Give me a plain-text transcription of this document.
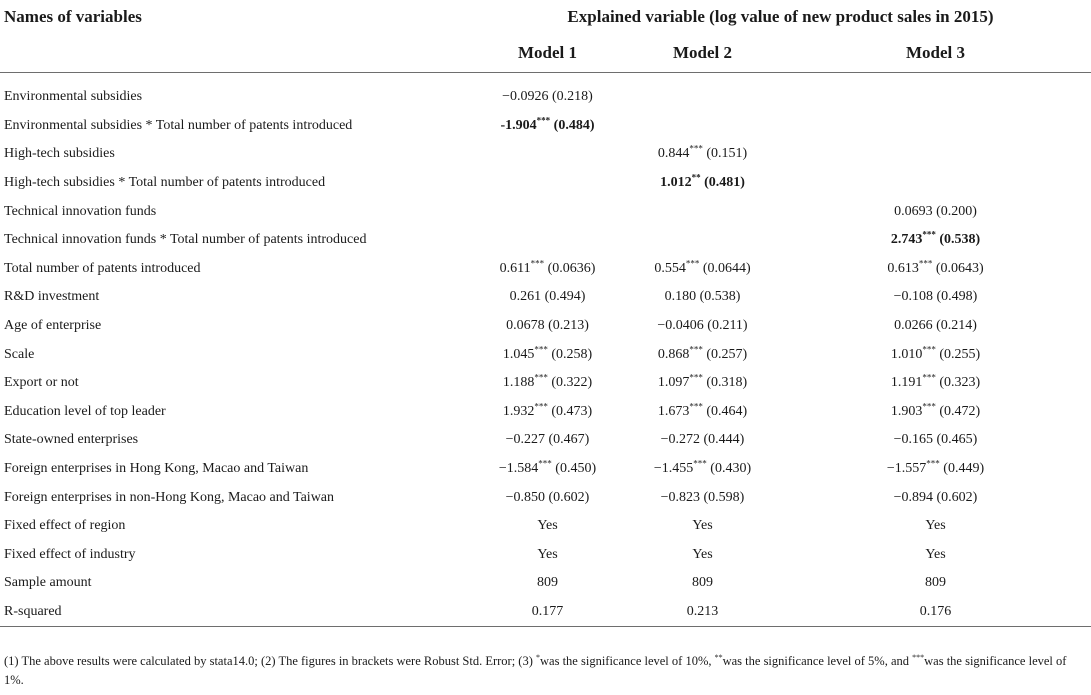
Names of variables	Explained variable (log value of new product sales in 2015)		
	Model 1	Model 2	Model 3

Environmental subsidies	−0.0926 (0.218)		
Environmental subsidies * Total number of patents introduced	-1.904*** (0.484)		
High-tech subsidies		0.844*** (0.151)	
High-tech subsidies * Total number of patents introduced		1.012** (0.481)	
Technical innovation funds			0.0693 (0.200)
Technical innovation funds * Total number of patents introduced			2.743*** (0.538)
Total number of patents introduced	0.611*** (0.0636)	0.554*** (0.0644)	0.613*** (0.0643)
R&D investment	0.261 (0.494)	0.180 (0.538)	−0.108 (0.498)
Age of enterprise	0.0678 (0.213)	−0.0406 (0.211)	0.0266 (0.214)
Scale	1.045*** (0.258)	0.868*** (0.257)	1.010*** (0.255)
Export or not	1.188*** (0.322)	1.097*** (0.318)	1.191*** (0.323)
Education level of top leader	1.932*** (0.473)	1.673*** (0.464)	1.903*** (0.472)
State-owned enterprises	−0.227 (0.467)	−0.272 (0.444)	−0.165 (0.465)
Foreign enterprises in Hong Kong, Macao and Taiwan	−1.584*** (0.450)	−1.455*** (0.430)	−1.557*** (0.449)
Foreign enterprises in non-Hong Kong, Macao and Taiwan	−0.850 (0.602)	−0.823 (0.598)	−0.894 (0.602)
Fixed effect of region	Yes	Yes	Yes
Fixed effect of industry	Yes	Yes	Yes
Sample amount	809	809	809
R-squared	0.177	0.213	0.176
(1) The above results were calculated by stata14.0; (2) The figures in brackets were Robust Std. Error; (3) *was the significance level of 10%, **was the significance level of 5%, and ***was the significance level of 1%.
